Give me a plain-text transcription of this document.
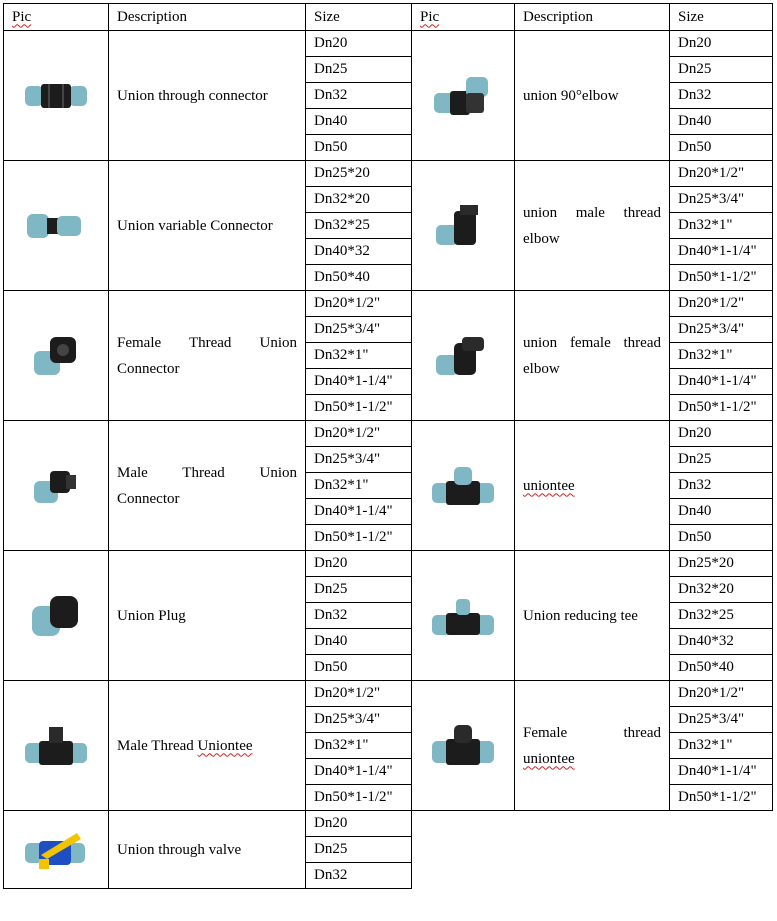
Pic	Description	Size	Pic	Description	Size

	Union through connector	Dn20		union 90°elbow	Dn20
		Dn25			Dn25
		Dn32			Dn32
		Dn40			Dn40
		Dn50			Dn50

	Union variable Connector	Dn25*20		union male thread elbow	Dn20*1/2"
		Dn32*20			Dn25*3/4"
		Dn32*25			Dn32*1"
		Dn40*32			Dn40*1-1/4"
		Dn50*40			Dn50*1-1/2"

	Female Thread Union Connector	Dn20*1/2"		union female thread elbow	Dn20*1/2"
		Dn25*3/4"			Dn25*3/4"
		Dn32*1"			Dn32*1"
		Dn40*1-1/4"			Dn40*1-1/4"
		Dn50*1-1/2"			Dn50*1-1/2"

	Male Thread Union Connector	Dn20*1/2"		uniontee	Dn20
		Dn25*3/4"			Dn25
		Dn32*1"			Dn32
		Dn40*1-1/4"			Dn40
		Dn50*1-1/2"			Dn50

	Union Plug	Dn20		Union reducing tee	Dn25*20
		Dn25			Dn32*20
		Dn32			Dn32*25
		Dn40			Dn40*32
		Dn50			Dn50*40

	Male Thread Uniontee	Dn20*1/2"		Female thread uniontee	Dn20*1/2"
		Dn25*3/4"			Dn25*3/4"
		Dn32*1"			Dn32*1"
		Dn40*1-1/4"			Dn40*1-1/4"
		Dn50*1-1/2"			Dn50*1-1/2"

	Union through valve	Dn20			
		Dn25			
		Dn32			
